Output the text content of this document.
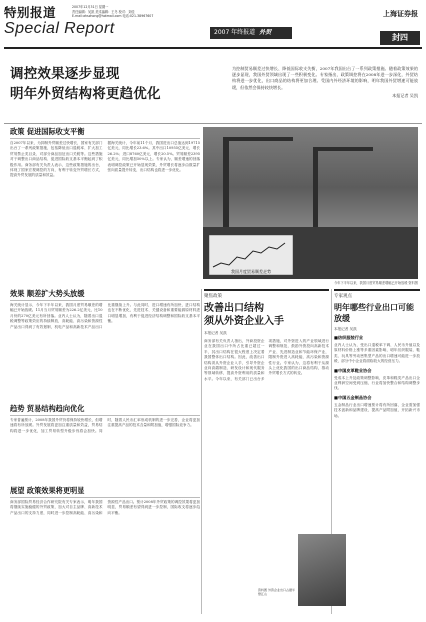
特别报道
Special Report
2007年12月31日 星期一
责任编辑：吴凯 美术编辑：王冬 校对：刘佳
E-mail:ahszhong@hotmail.com 电话:021-38967607
2007 年终报道 外贸
上海证券报
封四
调控效果逐步显现
明年外贸结构将更趋优化
为控制贸易顺差过快增长、降低国际收支失衡，2007年我国出台了一系列政策措施。随着政策效果的逐步显现，我国外贸领域出现了一些积极变化。专家指出，政策调控将在2008年进一步深化，外贸结构将进一步优化，出口商品的结构将更加合理。受国内外经济环境的影响，明年我国外贸增速可能放缓，但依然会保持较快增长。
本报记者 吴凯
政策 促进国际收支平衡
自2007年以来，为抑制外贸顺差过快增长，国家有关部门出台了一系列政策措施，包括降低出口退税率、扩大加工贸易禁止类目录、对部分商品加征出口关税等。这些措施对于调整出口商品结构、促进国际收支基本平衡起到了积极作用。商务部有关负责人表示，这些政策措施的出台，体现了国家宏观调控的方向，有利于转变外贸增长方式，提高外贸发展的质量和效益。
据海关统计，今年前11个月，我国进出口总值达到19715亿美元，同比增长23.6%。其中出口10955亿美元，增长26.2%；进口8760亿美元，增长20.5%。贸易顺差2395亿美元，同比增加50%以上。专家认为，顺差增速的回落表明调控政策已开始显现效果，外贸增长将逐步由数量扩张向质量提升转变，出口结构也将进一步优化。
我国月度贸易顺差走势
今年下半年以来，我国月度贸易顺差增幅已开始放缓 资料图
效果 顺差扩大势头放缓
海关统计显示，今年下半年以来，我国月度贸易顺差的增幅已开始放缓。11月当月贸易顺差为226.2亿美元，比10月份的270亿美元有所回落。业内人士认为，随着出口退税调整等政策效应的持续释放，高耗能、高污染和资源性产品出口得到了有效遏制，机电产品和高新技术产品出口比重继续上升。与此同时，进口增速有所加快，进口结构也在不断优化，先进技术、关键设备和重要能源原材料进口明显增加，有利于促进经济结构调整和国际收支基本平衡。
趋势 贸易结构趋向优化
专家普遍预计，2008年我国外贸仍将保持较快增长，但增速将有所放缓。外贸发展将更加注重质量和效益，贸易结构将进一步优化，加工贸易转型升级步伐将会加快。同时，随着人民币汇率形成机制的进一步完善，企业将更加注重提高产品的技术含量和附加值，增强国际竞争力。
展望 政策效果将更明显
商务部国际贸易经济合作研究院有关专家表示，明年我国将继续实施稳健的外贸政策，加大对自主品牌、高新技术产品出口的支持力度，同时进一步控制高耗能、高污染和资源性产品出口。预计2008年外贸政策的调控效果将更加明显，贸易顺差有望得到进一步控制，国际收支将逐步趋向平衡。
聚焦政策
改善出口结构
须从外资企业入手
本报记者 吴凯
商务部有关负责人指出，外商投资企业在我国出口中所占比重已超过一半，其出口结构在很大程度上决定着我国整体出口结构。因此，改善出口结构须从外资企业入手，引导外资企业向高端制造、研发设计和现代服务等领域转移，提高外资利用的质量和水平。今年以来，有关部门已出台多项措施，对外资进入的产业领域进行调整和规范，鼓励外资投向高新技术产业、先进制造业和节能环保产业，限制外资进入高耗能、高污染和资源性行业。专家认为，这将有利于从源头上优化我国的出口商品结构，推动外贸增长方式的转变。
资料图 外资企业出口占据半壁江山
专家观点
明年哪些行业出口可能放缓
本报记者 吴凯
■纺织服装行业
业内人士认为，受出口退税率下调、人民币升值以及原材料价格上涨等多重因素影响，明年纺织服装、鞋类、玩具等劳动密集型产品的出口增速可能进一步放缓，部分中小企业将面临较大的经营压力。
■中国皮革鞋业协会
受成本上升及政策调整影响，皮革和鞋类产品出口企业利润空间受到压缩，行业将加快整合和结构调整步伐。
■中国五金制品协会
五金制品行业出口增速预计将有所回落，企业需加强技术创新和品牌建设，提高产品附加值，开拓新兴市场。
